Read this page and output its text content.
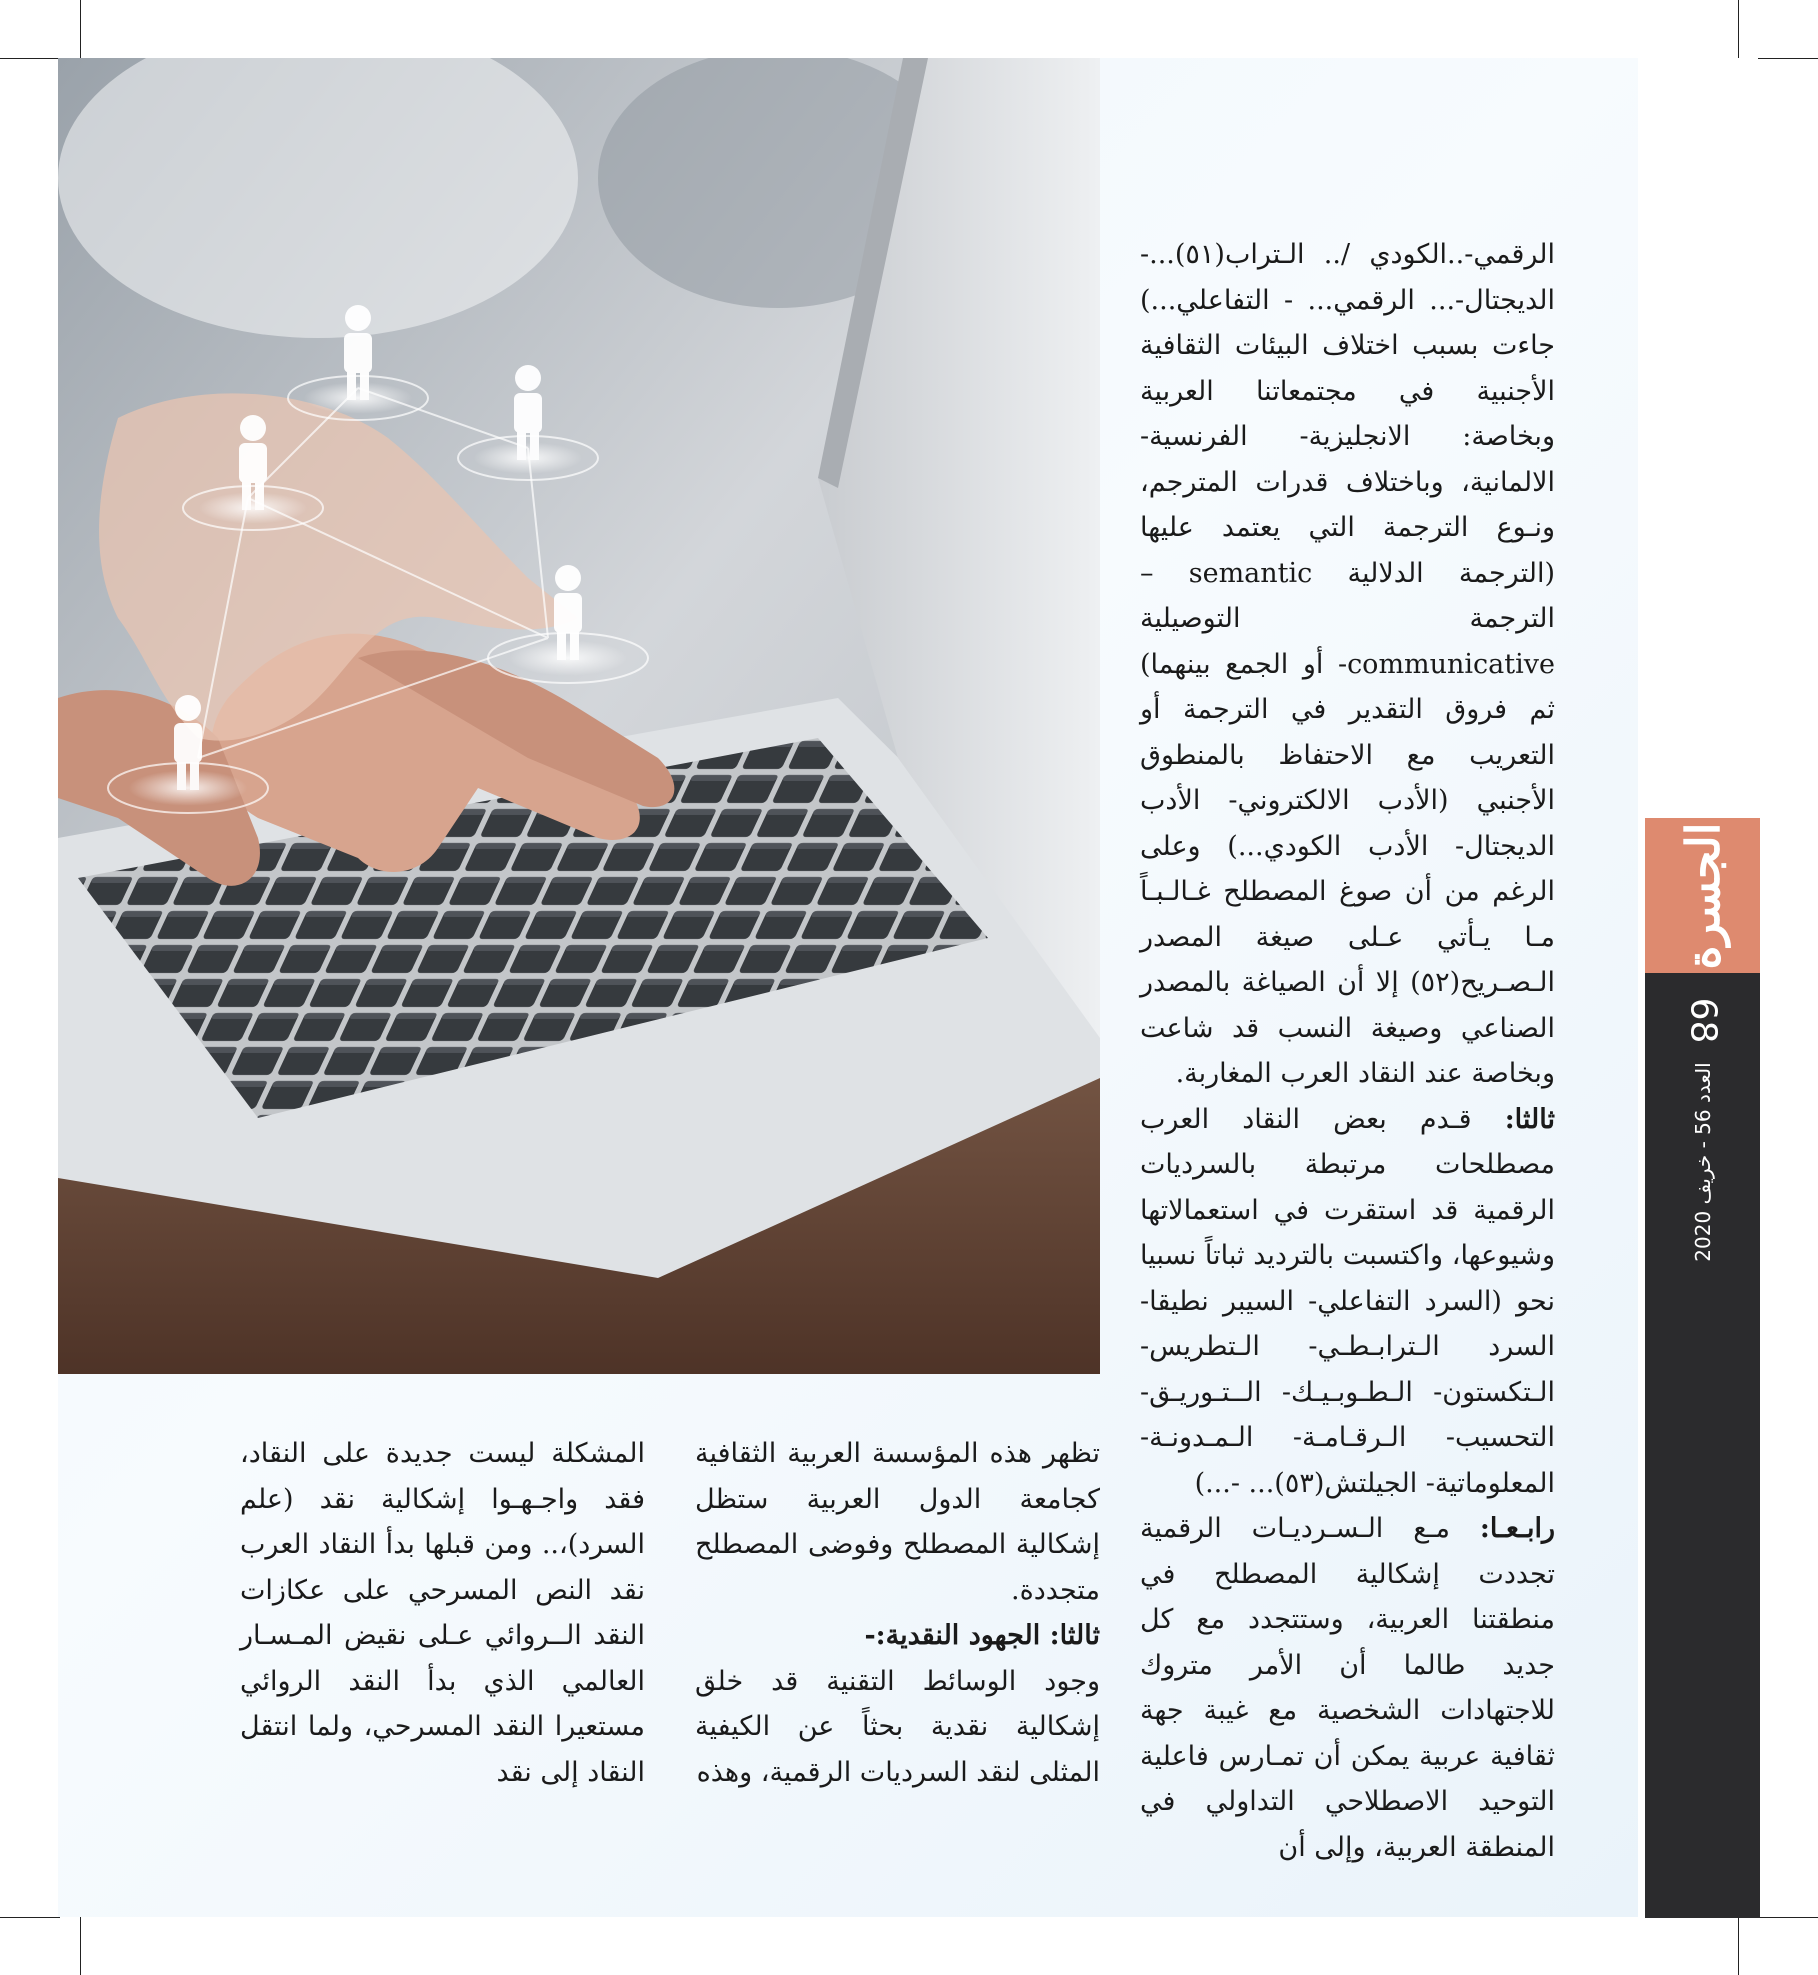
الرقمي-..الكودي /.. الـتراب(٥١)...- الديجتال-... الرقمي... - التفاعلي...) جاءت بسبب اختلاف البيئات الثقافية الأجنبية في مجتمعاتنا العربية وبخاصة: الانجليزية- الفرنسية- الالمانية، وباختلاف قدرات المترجم، ونـوع الترجمة التي يعتمد عليها (الترجمة الدلالية semantic – الترجمة التوصيلية communicative- أو الجمع بينهما) ثم فروق التقدير في الترجمة أو التعريب مع الاحتفاظ بالمنطوق الأجنبي (الأدب الالكتروني- الأدب الديجتال- الأدب الكودي...) وعلى الرغم من أن صوغ المصطلح غـالـبـاً مـا يـأتي عـلى صيغة المصدر الـصـريح(٥٢) إلا أن الصياغة بالمصدر الصناعي وصيغة النسب قد شاعت وبخاصة عند النقاد العرب المغاربة.

ثالثا: قـدم بعض النقاد العرب مصطلحات مرتبطة بالسرديات الرقمية قد استقرت في استعمالاتها وشيوعها، واكتسبت بالترديد ثباتاً نسبيا نحو (السرد التفاعلي- السيبر نطيقا- السرد الـترابـطـي- الـتطريس- الـتكستون- الـطـوبـيـك- الــتـوريـق- التحسيب- الـرقـامـة- الـمـدونـة- المعلوماتية- الجيلتش(٥٣)... -...)

رابـعـا: مـع الـسـرديـات الرقمية تجددت إشكالية المصطلح في منطقتنا العربية، وستتجدد مع كل جديد طالما أن الأمر متروك للاجتهادات الشخصية مع غيبة جهة ثقافية عربية يمكن أن تمـارس فاعلية التوحيد الاصطلاحي التداولي في المنطقة العربية، وإلى أن

تظهر هذه المؤسسة العربية الثقافية كجامعة الدول العربية ستظل إشكالية المصطلح وفوضى المصطلح متجددة.

ثالثا: الجهود النقدية:-

وجود الوسائط التقنية قد خلق إشكالية نقدية بحثاً عن الكيفية المثلى لنقد السرديات الرقمية، وهذه

المشكلة ليست جديدة على النقاد، فقد واجـهـوا إشكالية نقد (علم السرد)،.. ومن قبلها بدأ النقاد العرب نقد النص المسرحي على عكازات النقد الــروائي عـلى نقيض المـسـار العالمي الذي بدأ النقد الروائي مستعيرا النقد المسرحي، ولما انتقل النقاد إلى نقد

الجسرة
68
العدد 56 - خريف 2020
